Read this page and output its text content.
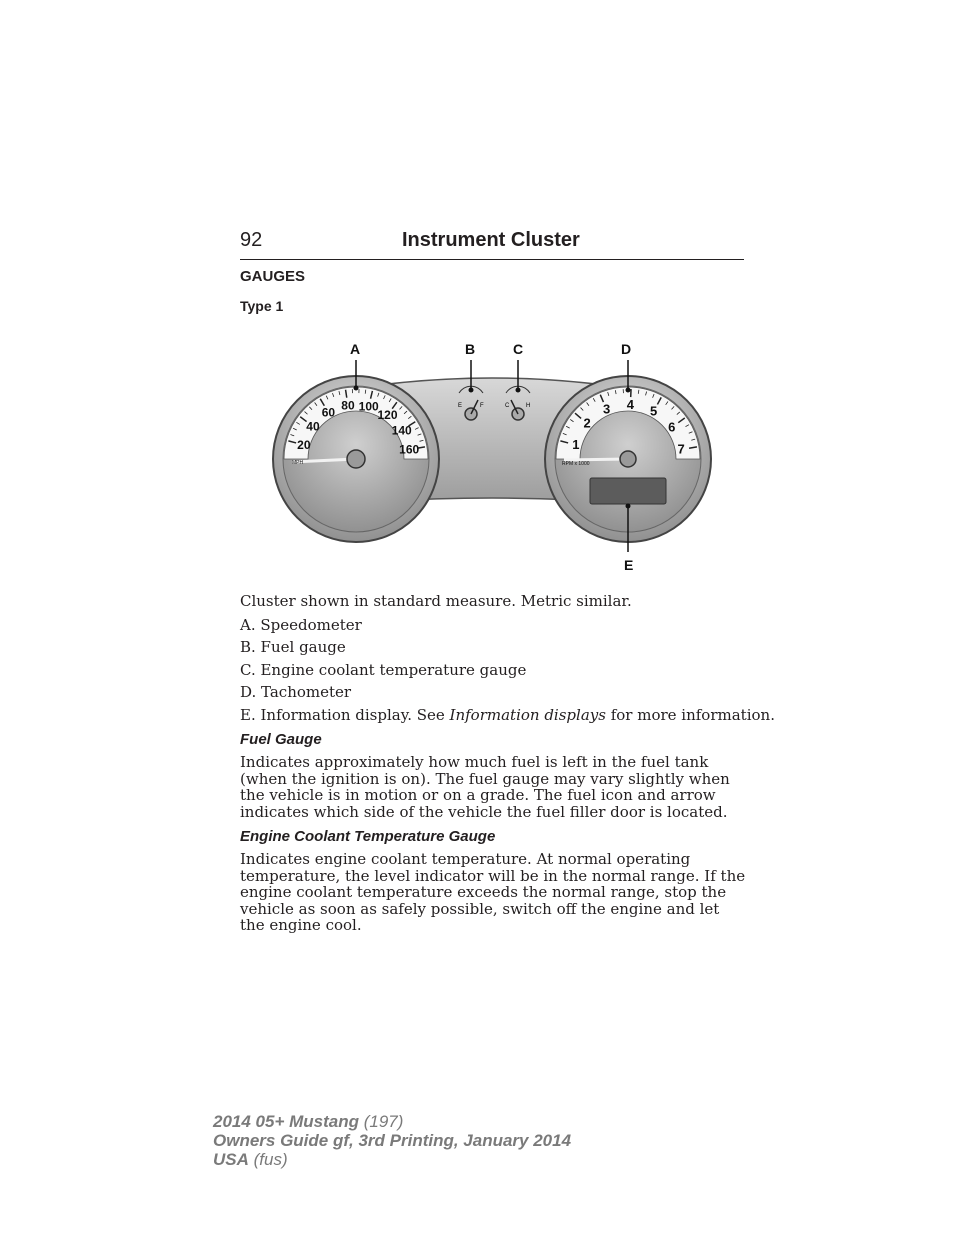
92	Instrument Cluster
GAUGES
Type 1
20
40
60 80 100
120
140
160
MPH
1
2
3 4 5
6
7
RPM x 1000
E	F	C	H
A	B	C	D
E

Cluster shown in standard measure. Metric similar.

A. Speedometer

B. Fuel gauge

C. Engine coolant temperature gauge

D. Tachometer

E. Information display. See Information displays for more information.

Fuel Gauge

Indicates approximately how much fuel is left in the fuel tank (when the ignition is on). The fuel gauge may vary slightly when the vehicle is in motion or on a grade. The fuel icon and arrow indicates which side of the vehicle the fuel filler door is located.

Engine Coolant Temperature Gauge

Indicates engine coolant temperature. At normal operating temperature, the level indicator will be in the normal range. If the engine coolant temperature exceeds the normal range, stop the vehicle as soon as safely possible, switch off the engine and let the engine cool.

2014 05+ Mustang (197)
Owners Guide gf, 3rd Printing, January 2014
USA (fus)
